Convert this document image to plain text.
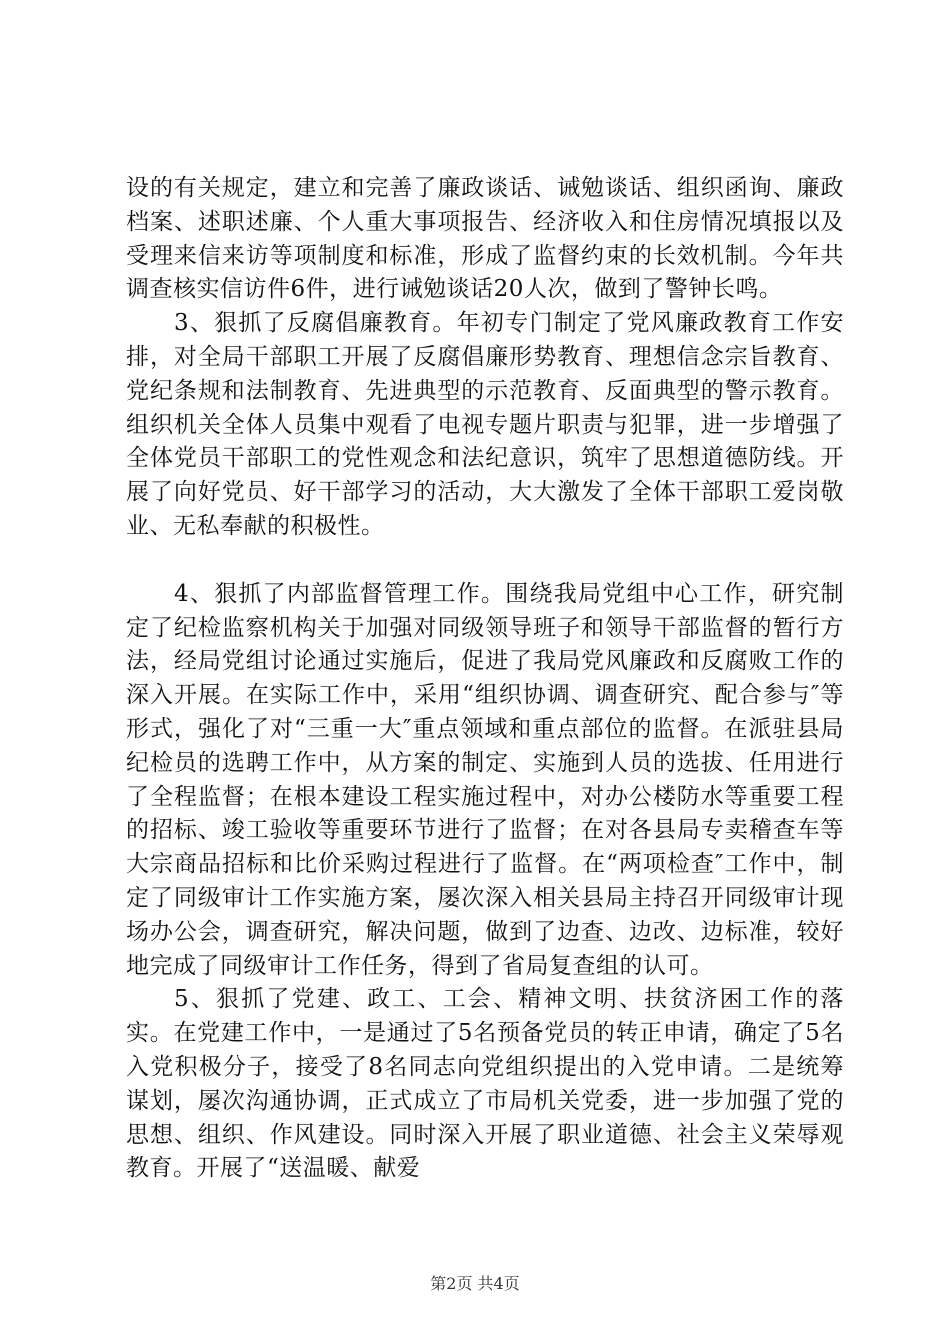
设的有关规定，建立和完善了廉政谈话、诫勉谈话、组织函询、廉政档案、述职述廉、个人重大事项报告、经济收入和住房情况填报以及受理来信来访等项制度和标准，形成了监督约束的长效机制。今年共调查核实信访件6件，进行诫勉谈话20人次，做到了警钟长鸣。

3、狠抓了反腐倡廉教育。年初专门制定了党风廉政教育工作安排，对全局干部职工开展了反腐倡廉形势教育、理想信念宗旨教育、党纪条规和法制教育、先进典型的示范教育、反面典型的警示教育。组织机关全体人员集中观看了电视专题片职责与犯罪，进一步增强了全体党员干部职工的党性观念和法纪意识，筑牢了思想道德防线。开展了向好党员、好干部学习的活动，大大激发了全体干部职工爱岗敬业、无私奉献的积极性。

4、狠抓了内部监督管理工作。围绕我局党组中心工作，研究制定了纪检监察机构关于加强对同级领导班子和领导干部监督的暂行方法，经局党组讨论通过实施后，促进了我局党风廉政和反腐败工作的深入开展。在实际工作中，采用“组织协调、调查研究、配合参与″等形式，强化了对“三重一大″重点领域和重点部位的监督。在派驻县局纪检员的选聘工作中，从方案的制定、实施到人员的选拔、任用进行了全程监督；在根本建设工程实施过程中，对办公楼防水等重要工程的招标、竣工验收等重要环节进行了监督；在对各县局专卖稽查车等大宗商品招标和比价采购过程进行了监督。在“两项检查″工作中，制定了同级审计工作实施方案，屡次深入相关县局主持召开同级审计现场办公会，调查研究，解决问题，做到了边查、边改、边标准，较好地完成了同级审计工作任务，得到了省局复查组的认可。

5、狠抓了党建、政工、工会、精神文明、扶贫济困工作的落实。在党建工作中，一是通过了5名预备党员的转正申请，确定了5名入党积极分子，接受了8名同志向党组织提出的入党申请。二是统筹谋划，屡次沟通协调，正式成立了市局机关党委，进一步加强了党的思想、组织、作风建设。同时深入开展了职业道德、社会主义荣辱观教育。开展了“送温暖、献爱

第2页 共4页
